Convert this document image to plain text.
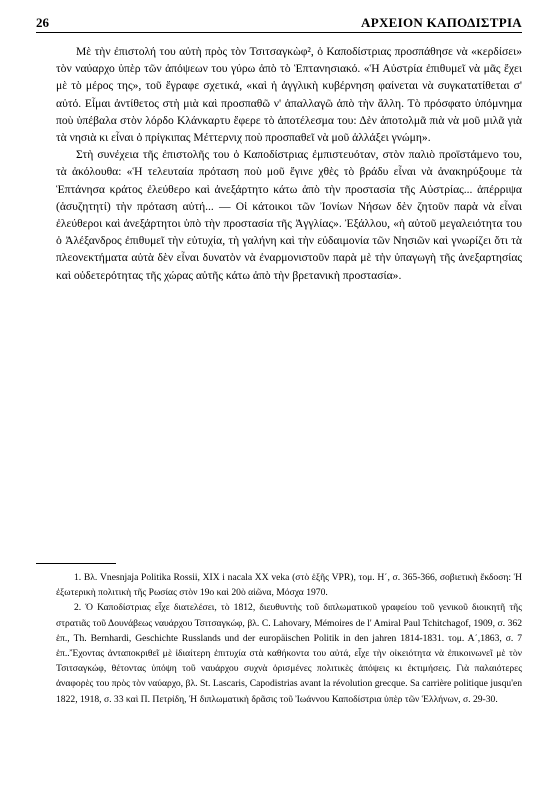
26	ΑΡΧΕΙΟΝ ΚΑΠΟΔΙΣΤΡΙΑ

Μὲ τὴν ἐπιστολή του αὐτὴ πρὸς τὸν Τσιτσαγκὼφ², ὁ Καποδίστριας προσπάθησε νὰ «κερδίσει» τὸν ναύαρχο ὑπὲρ τῶν ἀπόψεων του γύρω ἀπὸ τὸ Ἑπτανησιακό. «Ἡ Αὐστρία ἐπιθυμεῖ νὰ μᾶς ἔχει μὲ τὸ μέρος της», τοῦ ἔγραφε σχετικά, «καὶ ἡ ἀγγλικὴ κυβέρνηση φαίνεται νὰ συγκατατίθεται σ' αὐτό. Εἶμαι ἀντίθετος στὴ μιὰ καὶ προσπαθῶ ν' ἀπαλλαγῶ ἀπὸ τὴν ἄλλη. Τὸ πρόσφατο ὑπόμνημα ποὺ ὑπέβαλα στὸν λόρδο Κλάνκαρτυ ἔφερε τὸ ἀποτέλεσμα του: Δὲν ἀποτολμᾶ πιὰ νὰ μοῦ μιλᾶ γιὰ τὰ νησιὰ κι εἶναι ὁ πρίγκιπας Μέττερνιχ ποὺ προσπαθεῖ νὰ μοῦ ἀλλάξει γνώμη».

Στὴ συνέχεια τῆς ἐπιστολῆς του ὁ Καποδίστριας ἐμπιστευόταν, στὸν παλιὸ προϊστάμενο του, τὰ ἀκόλουθα: «Ἡ τελευταία πρόταση ποὺ μοῦ ἔγινε χθὲς τὸ βράδυ εἶναι νὰ ἀνακηρύξουμε τὰ Ἑπτάνησα κράτος ἐλεύθερο καὶ ἀνεξάρτητο κάτω ἀπὸ τὴν προστασία τῆς Αὐστρίας... ἀπέρριψα (ἀσυζητητί) τὴν πρόταση αὐτή... — Οἱ κάτοικοι τῶν Ἰονίων Νήσων δὲν ζητοῦν παρὰ νὰ εἶναι ἐλεύθεροι καὶ ἀνεξάρτητοι ὑπὸ τὴν προστασία τῆς Ἀγγλίας». Ἐξάλλου, «ἡ αὐτοῦ μεγαλειότητα του ὁ Ἀλέξανδρος ἐπιθυμεῖ τὴν εὐτυχία, τὴ γαλήνη καὶ τὴν εὐδαιμονία τῶν Νησιῶν καὶ γνωρίζει ὅτι τὰ πλεονεκτήματα αὐτὰ δὲν εἶναι δυνατὸν νὰ ἐναρμονιστοῦν παρὰ μὲ τὴν ὑπαγωγὴ τῆς ἀνεξαρτησίας καὶ οὐδετερότητας τῆς χώρας αὐτῆς κάτω ἀπὸ τὴν βρετανικὴ προστασία».

1. Βλ. Vnesnjaja Politika Rossii, XIX i nacala XX veka (στὸ ἑξῆς VPR), τομ. Η΄, σ. 365-366, σοβιετικὴ ἔκδοση: Ἡ ἐξωτερικὴ πολιτικὴ τῆς Ρωσίας στὸν 19ο καὶ 20ὸ αἰῶνα, Μόσχα 1970.

2. Ὁ Καποδίστριας εἶχε διατελέσει, τὸ 1812, διευθυντὴς τοῦ διπλωματικοῦ γραφείου τοῦ γενικοῦ διοικητῆ τῆς στρατιᾶς τοῦ Δουνάβεως ναυάρχου Τσιτσαγκώφ, βλ. C. Lahovary, Mémoires de l' Amiral Paul Tchitchagof, 1909, σ. 362 ἑπ., Th. Bernhardi, Geschichte Russlands und der europäischen Politik in den jahren 1814-1831. τομ. Α΄,1863, σ. 7 ἑπ..Ἔχοντας ἀνταποκριθεῖ μὲ ἰδιαίτερη ἐπιτυχία στὰ καθήκοντα του αὐτά, εἶχε τὴν οἰκειότητα νὰ ἐπικοινωνεῖ μὲ τὸν Τσιτσαγκώφ, θέτοντας ὑπόψη τοῦ ναυάρχου συχνὰ ὁρισμένες πολιτικὲς ἀπόψεις κι ἐκτιμήσεις. Γιὰ παλαιότερες ἀναφορὲς του πρὸς τὸν ναύαρχο, βλ. St. Lascaris, Capodistrias avant la révolution grecque. Sa carrière politique jusqu'en 1822, 1918, σ. 33 καὶ Π. Πετρίδη, Ἡ διπλωματικὴ δρᾶσις τοῦ Ἰωάννου Καποδίστρια ὑπὲρ τῶν Ἑλλήνων, σ. 29-30.
